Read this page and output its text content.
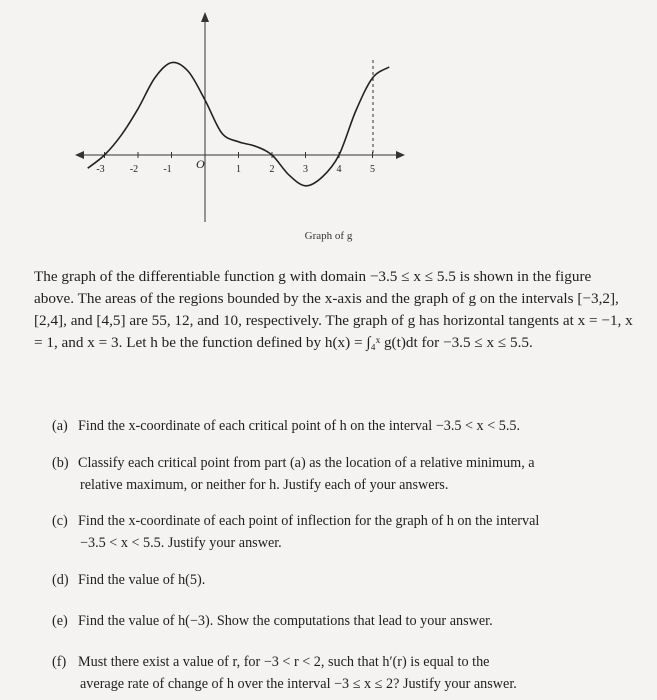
-3	-2	-1	1	2	3	4	5
O
Graph of g
The graph of the differentiable function g with domain −3.5 ≤ x ≤ 5.5 is shown in the figure above. The areas of the regions bounded by the x-axis and the graph of g on the intervals [−3,2], [2,4], and [4,5] are 55, 12, and 10, respectively. The graph of g has horizontal tangents at x = −1, x = 1, and x = 3. Let h be the function defined by h(x) = ∫₄ˣ g(t)dt for −3.5 ≤ x ≤ 5.5.
(a) Find the x-coordinate of each critical point of h on the interval −3.5 < x < 5.5.
(b) Classify each critical point from part (a) as the location of a relative minimum, a
relative maximum, or neither for h. Justify each of your answers.
(c) Find the x-coordinate of each point of inflection for the graph of h on the interval
−3.5 < x < 5.5. Justify your answer.
(d) Find the value of h(5).
(e) Find the value of h(−3). Show the computations that lead to your answer.
(f) Must there exist a value of r, for −3 < r < 2, such that h′(r) is equal to the
average rate of change of h over the interval −3 ≤ x ≤ 2? Justify your answer.
